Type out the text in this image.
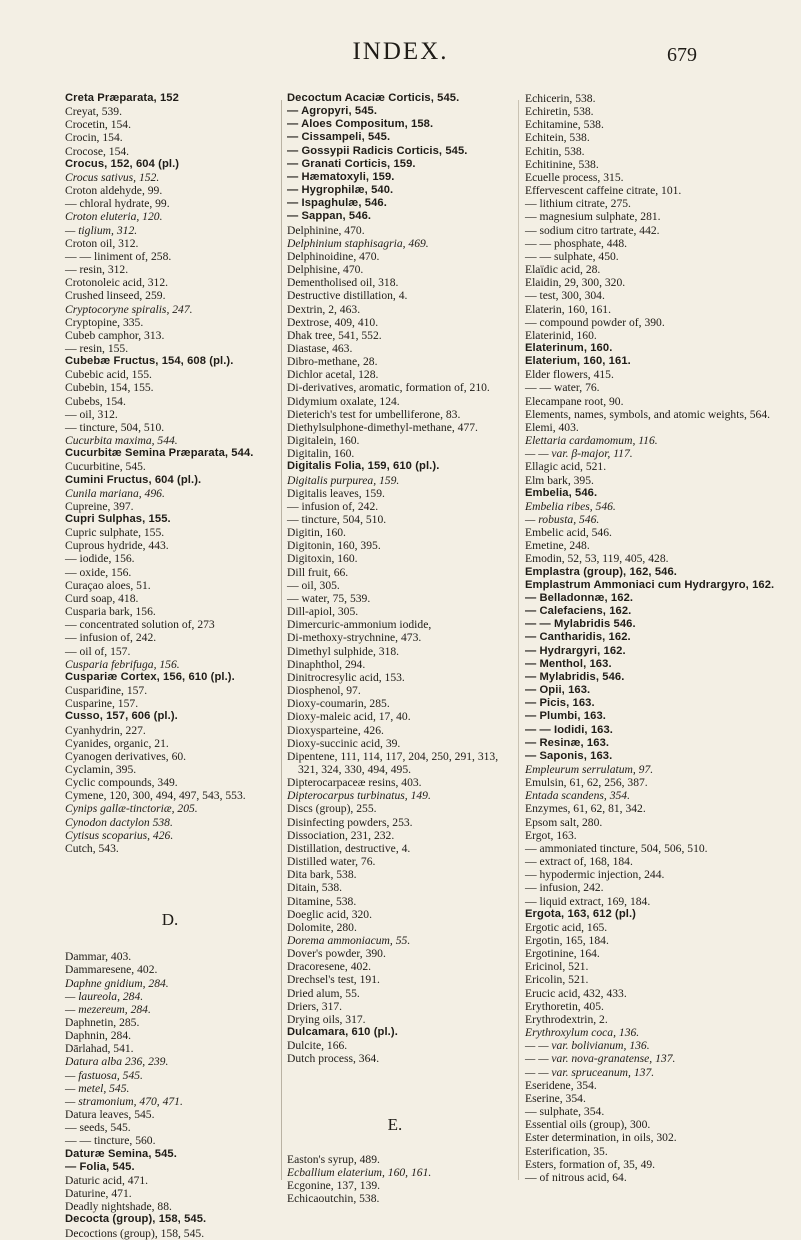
INDEX.	679
Creta Præparata, 152
Creyat, 539.
Crocetin, 154.
Crocin, 154.
Crocose, 154.
Crocus, 152, 604 (pl.)
Crocus sativus, 152.
Croton aldehyde, 99.
— chloral hydrate, 99.
Croton eluteria, 120.
— tiglium, 312.
Croton oil, 312.
— — liniment of, 258.
— resin, 312.
Crotonoleic acid, 312.
Crushed linseed, 259.
Cryptocoryne spiralis, 247.
Cryptopine, 335.
Cubeb camphor, 313.
— resin, 155.
Cubebæ Fructus, 154, 608 (pl.).
Cubebic acid, 155.
Cubebin, 154, 155.
Cubebs, 154.
— oil, 312.
— tincture, 504, 510.
Cucurbita maxima, 544.
Cucurbitæ Semina Præparata, 544.
Cucurbitine, 545.
Cumini Fructus, 604 (pl.).
Cunila mariana, 496.
Cupreine, 397.
Cupri Sulphas, 155.
Cupric sulphate, 155.
Cuprous hydride, 443.
— iodide, 156.
— oxide, 156.
Curaçao aloes, 51.
Curd soap, 418.
Cusparia bark, 156.
— concentrated solution of, 273
— infusion of, 242.
— oil of, 157.
Cusparia febrifuga, 156.
Cuspariæ Cortex, 156, 610 (pl.).
Cuspariđine, 157.
Cusparine, 157.
Cusso, 157, 606 (pl.).
Cyanhydrin, 227.
Cyanides, organic, 21.
Cyanogen derivatives, 60.
Cyclamin, 395.
Cyclic compounds, 349.
Cymene, 120, 300, 494, 497, 543, 553.
Cynips gallæ-tinctoriæ, 205.
Cynodon dactylon 538.
Cytisus scoparius, 426.
Cutch, 543.
D.
Dammar, 403.
Dammaresene, 402.
Daphne gnidium, 284.
— laureola, 284.
— mezereum, 284.
Daphnetin, 285.
Daphnin, 284.
Dārlahad, 541.
Datura alba 236, 239.
— fastuosa, 545.
— metel, 545.
— stramonium, 470, 471.
Datura leaves, 545.
— seeds, 545.
— — tincture, 560.
Daturæ Semina, 545.
— Folia, 545.
Daturic acid, 471.
Daturine, 471.
Deadly nightshade, 88.
Decocta (group), 158, 545.
Decoctions (group), 158, 545.
Decoctum Acaciæ Corticis, 545.
— Agropyri, 545.
— Aloes Compositum, 158.
— Cissampeli, 545.
— Gossypii Radicis Corticis, 545.
— Granati Corticis, 159.
— Hæmatoxyli, 159.
— Hygrophilæ, 540.
— Ispaghulæ, 546.
— Sappan, 546.
Delphinine, 470.
Delphinium staphisagria, 469.
Delphinoidine, 470.
Delphisine, 470.
Dementholised oil, 318.
Destructive distillation, 4.
Dextrin, 2, 463.
Dextrose, 409, 410.
Dhak tree, 541, 552.
Diastase, 463.
Dibro-methane, 28.
Dichlor acetal, 128.
Di-derivatives, aromatic, formation of, 210.
Didymium oxalate, 124.
Dieterich's test for umbelliferone, 83.
Diethylsulphone-dimethyl-methane, 477.
Digitalein, 160.
Digitalin, 160.
Digitalis Folia, 159, 610 (pl.).
Digitalis purpurea, 159.
Digitalis leaves, 159.
— infusion of, 242.
— tincture, 504, 510.
Digitin, 160.
Digitonin, 160, 395.
Digitoxin, 160.
Dill fruit, 66.
— oil, 305.
— water, 75, 539.
Dill-apiol, 305.
Dimercuric-ammonium iodide,
Di-methoxy-strychnine, 473.
Dimethyl sulphide, 318.
Dinaphthol, 294.
Dinitrocresylic acid, 153.
Diosphenol, 97.
Dioxy-coumarin, 285.
Dioxy-maleic acid, 17, 40.
Dioxysparteine, 426.
Dioxy-succinic acid, 39.
Dipentene, 111, 114, 117, 204, 250, 291, 313, 321, 324, 330, 494, 495.
Dipterocarpaceæ resins, 403.
Dipterocarpus turbinatus, 149.
Discs (group), 255.
Disinfecting powders, 253.
Dissociation, 231, 232.
Distillation, destructive, 4.
Distilled water, 76.
Dita bark, 538.
Ditain, 538.
Ditamine, 538.
Doeglic acid, 320.
Dolomite, 280.
Dorema ammoniacum, 55.
Dover's powder, 390.
Dracoresene, 402.
Drechsel's test, 191.
Dried alum, 55.
Driers, 317.
Drying oils, 317.
Dulcamara, 610 (pl.).
Dulcite, 166.
Dutch process, 364.
E.
Easton's syrup, 489.
Ecballium elaterium, 160, 161.
Ecgonine, 137, 139.
Echicaoutchin, 538.
Echicerin, 538.
Echiretin, 538.
Echitamine, 538.
Echitein, 538.
Echitin, 538.
Echitinine, 538.
Ecuelle process, 315.
Effervescent caffeine citrate, 101.
— lithium citrate, 275.
— magnesium sulphate, 281.
— sodium citro tartrate, 442.
— — phosphate, 448.
— — sulphate, 450.
Elaïdic acid, 28.
Elaidin, 29, 300, 320.
— test, 300, 304.
Elaterin, 160, 161.
— compound powder of, 390.
Elaterinid, 160.
Elaterinum, 160.
Elaterium, 160, 161.
Elder flowers, 415.
— — water, 76.
Elecampane root, 90.
Elements, names, symbols, and atomic weights, 564.
Elemi, 403.
Elettaria cardamomum, 116.
— — var. β-major, 117.
Ellagic acid, 521.
Elm bark, 395.
Embelia, 546.
Embelia ribes, 546.
— robusta, 546.
Embelic acid, 546.
Emetine, 248.
Emodin, 52, 53, 119, 405, 428.
Emplastra (group), 162, 546.
Emplastrum Ammoniaci cum Hydrargyro, 162.
— Belladonnæ, 162.
— Calefaciens, 162.
— — Mylabridis 546.
— Cantharidis, 162.
— Hydrargyri, 162.
— Menthol, 163.
— Mylabridis, 546.
— Opii, 163.
— Picis, 163.
— Plumbi, 163.
— — Iodidi, 163.
— Resinæ, 163.
— Saponis, 163.
Empleurum serrulatum, 97.
Emulsin, 61, 62, 256, 387.
Entada scandens, 354.
Enzymes, 61, 62, 81, 342.
Epsom salt, 280.
Ergot, 163.
— ammoniated tincture, 504, 506, 510.
— extract of, 168, 184.
— hypodermic injection, 244.
— infusion, 242.
— liquid extract, 169, 184.
Ergota, 163, 612 (pl.)
Ergotic acid, 165.
Ergotin, 165, 184.
Ergotinine, 164.
Ericinol, 521.
Ericolin, 521.
Erucic acid, 432, 433.
Erythoretin, 405.
Erythrodextrin, 2.
Erythroxylum coca, 136.
— — var. bolivianum, 136.
— — var. nova-granatense, 137.
— — var. spruceanum, 137.
Eseridene, 354.
Eserine, 354.
— sulphate, 354.
Essential oils (group), 300.
Ester determination, in oils, 302.
Esterification, 35.
Esters, formation of, 35, 49.
— of nitrous acid, 64.
